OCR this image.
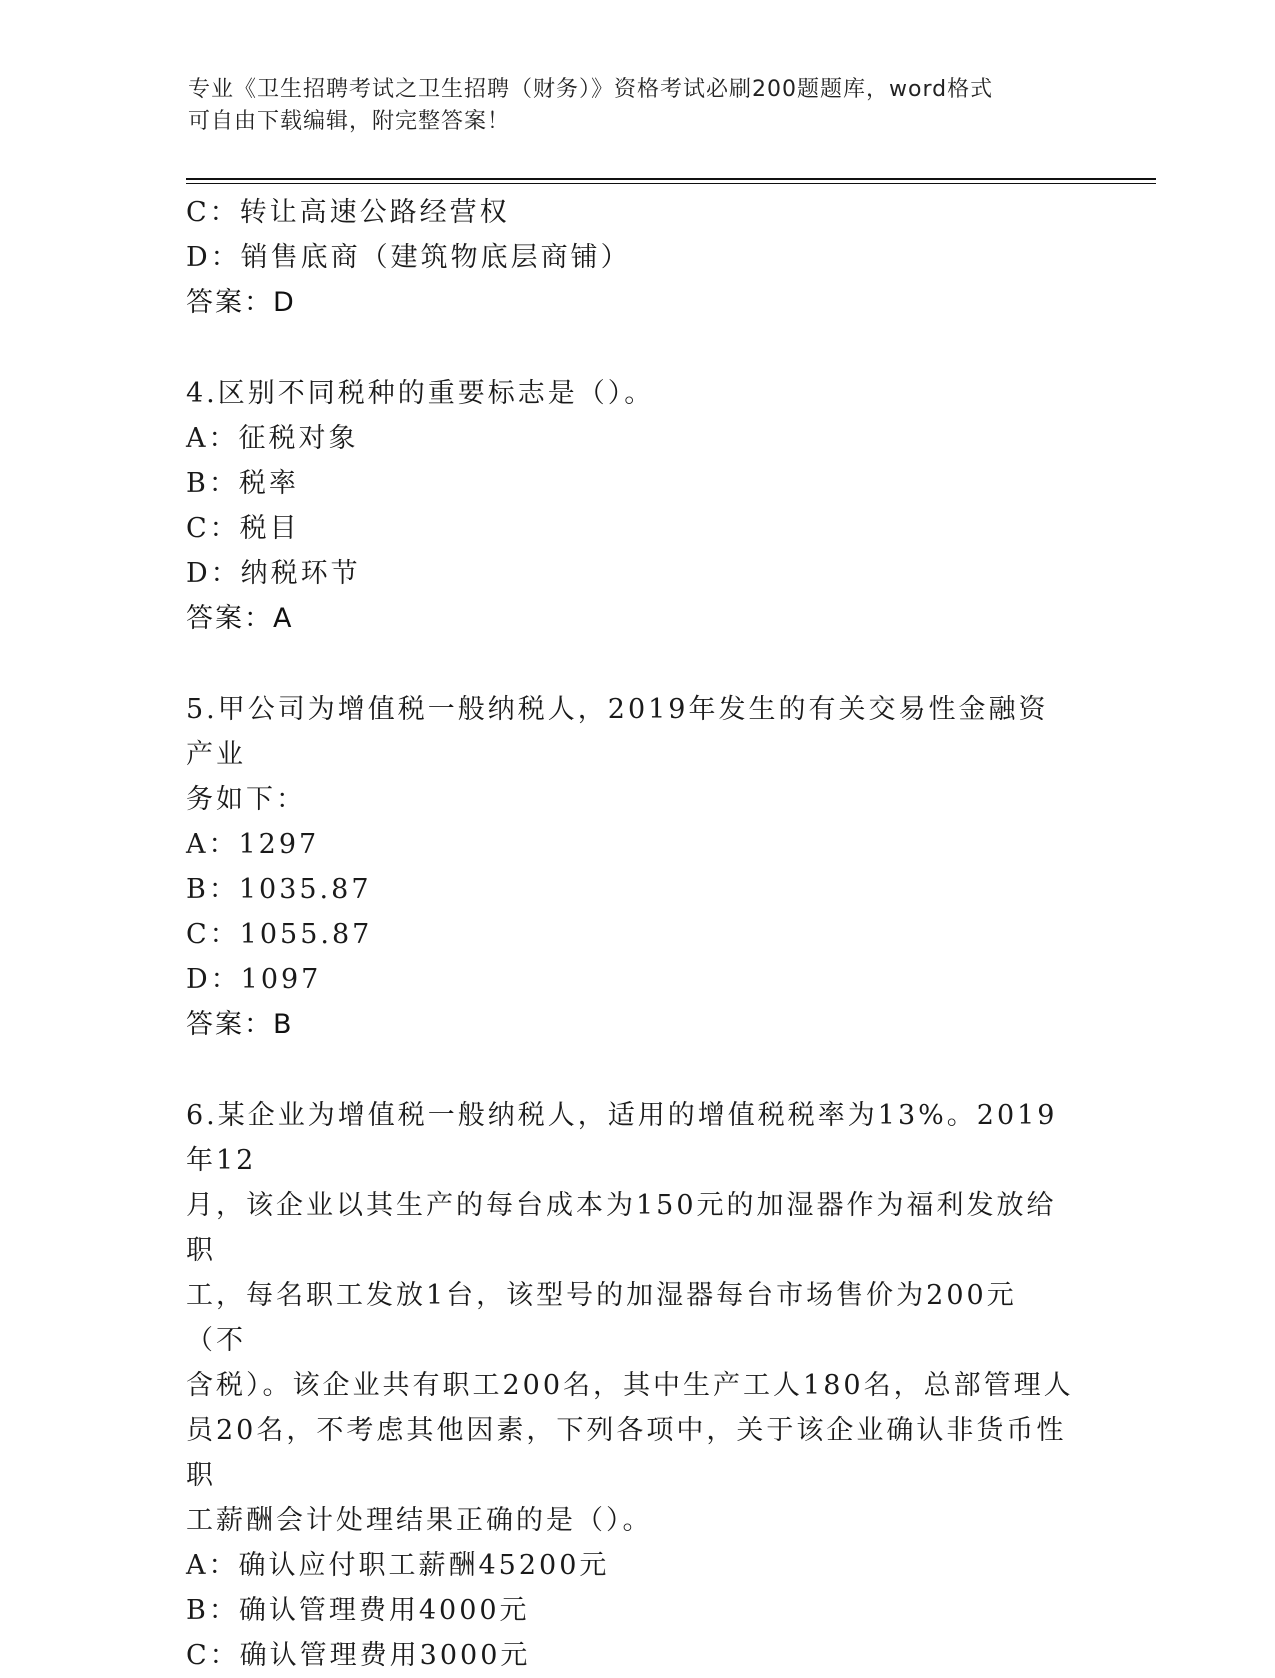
专业《卫生招聘考试之卫生招聘（财务）》资格考试必刷200题题库，word格式
可自由下载编辑，附完整答案！
C：转让高速公路经营权
D：销售底商（建筑物底层商铺）
答案：D
4.区别不同税种的重要标志是（）。
A：征税对象
B：税率
C：税目
D：纳税环节
答案：A
5.甲公司为增值税一般纳税人，2019年发生的有关交易性金融资产业
务如下：
A：1297
B：1035.87
C：1055.87
D：1097
答案：B
6.某企业为增值税一般纳税人，适用的增值税税率为13%。2019年12
月，该企业以其生产的每台成本为150元的加湿器作为福利发放给职
工，每名职工发放1台，该型号的加湿器每台市场售价为200元（不
含税）。该企业共有职工200名，其中生产工人180名，总部管理人
员20名，不考虑其他因素，下列各项中，关于该企业确认非货币性职
工薪酬会计处理结果正确的是（）。
A：确认应付职工薪酬45200元
B：确认管理费用4000元
C：确认管理费用3000元
